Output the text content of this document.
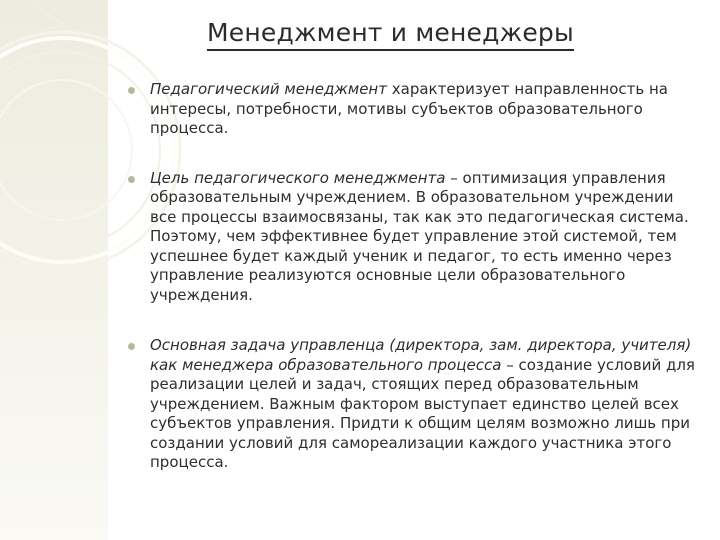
Менеджмент и менеджеры
Педагогический менеджмент характеризует направленность на интересы, потребности, мотивы субъектов образовательного процесса.
Цель педагогического менеджмента – оптимизация управления образовательным учреждением. В образовательном учреждении все процессы взаимосвязаны, так как это педагогическая система. Поэтому, чем эффективнее будет управление этой системой, тем успешнее будет каждый ученик и педагог, то есть именно через управление реализуются основные цели образовательного учреждения.
Основная задача управленца (директора, зам. директора, учителя) как менеджера образовательного процесса – создание условий для реализации целей и задач, стоящих перед образовательным учреждением. Важным фактором выступает единство целей всех субъектов управления. Придти к общим целям возможно лишь при создании условий для самореализации каждого участника этого процесса.
